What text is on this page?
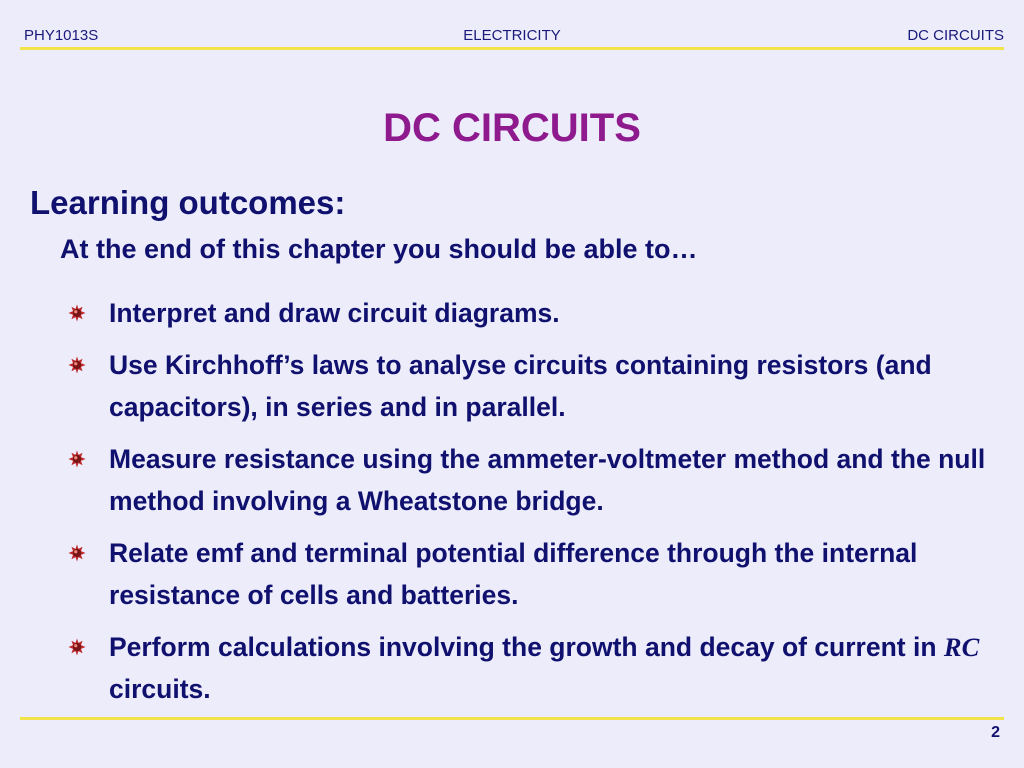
PHY1013S	ELECTRICITY	DC CIRCUITS
DC CIRCUITS
Learning outcomes:
At the end of this chapter you should be able to…
Interpret and draw circuit diagrams.
Use Kirchhoff’s laws to analyse circuits containing resistors (and capacitors), in series and in parallel.
Measure resistance using the ammeter-voltmeter method and the null method involving a Wheatstone bridge.
Relate emf and terminal potential difference through the internal resistance of cells and batteries.
Perform calculations involving the growth and decay of current in RC circuits.
2
